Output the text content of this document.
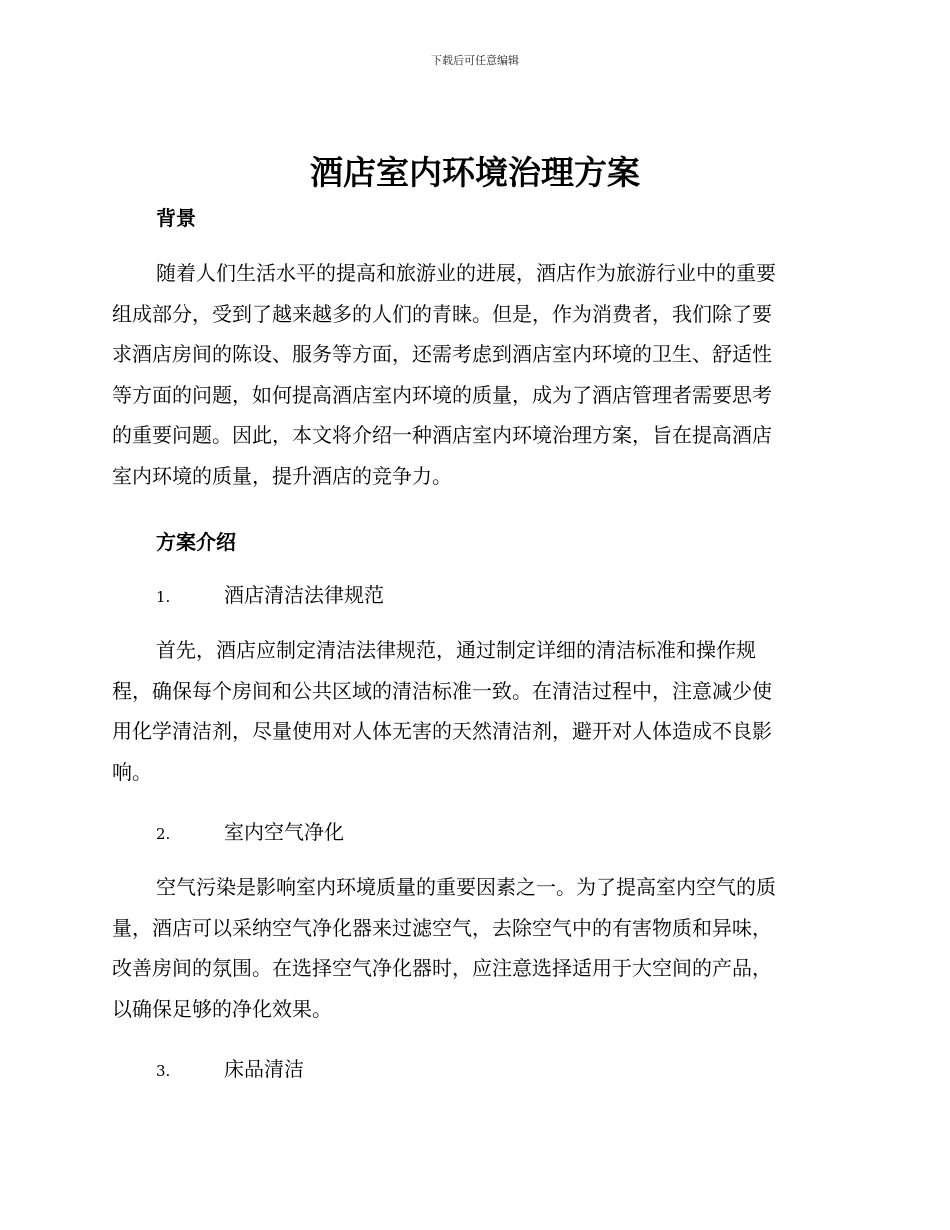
下载后可任意编辑
酒店室内环境治理方案
背景
随着人们生活水平的提高和旅游业的进展，酒店作为旅游行业中的重要
组成部分，受到了越来越多的人们的青睐。但是，作为消费者，我们除了要
求酒店房间的陈设、服务等方面，还需考虑到酒店室内环境的卫生、舒适性
等方面的问题，如何提高酒店室内环境的质量，成为了酒店管理者需要思考
的重要问题。因此，本文将介绍一种酒店室内环境治理方案，旨在提高酒店
室内环境的质量，提升酒店的竞争力。
方案介绍
1.	酒店清洁法律规范
首先，酒店应制定清洁法律规范，通过制定详细的清洁标准和操作规
程，确保每个房间和公共区域的清洁标准一致。在清洁过程中，注意减少使
用化学清洁剂，尽量使用对人体无害的天然清洁剂，避开对人体造成不良影
响。
2.	室内空气净化
空气污染是影响室内环境质量的重要因素之一。为了提高室内空气的质
量，酒店可以采纳空气净化器来过滤空气，去除空气中的有害物质和异味，
改善房间的氛围。在选择空气净化器时，应注意选择适用于大空间的产品，
以确保足够的净化效果。
3.	床品清洁
